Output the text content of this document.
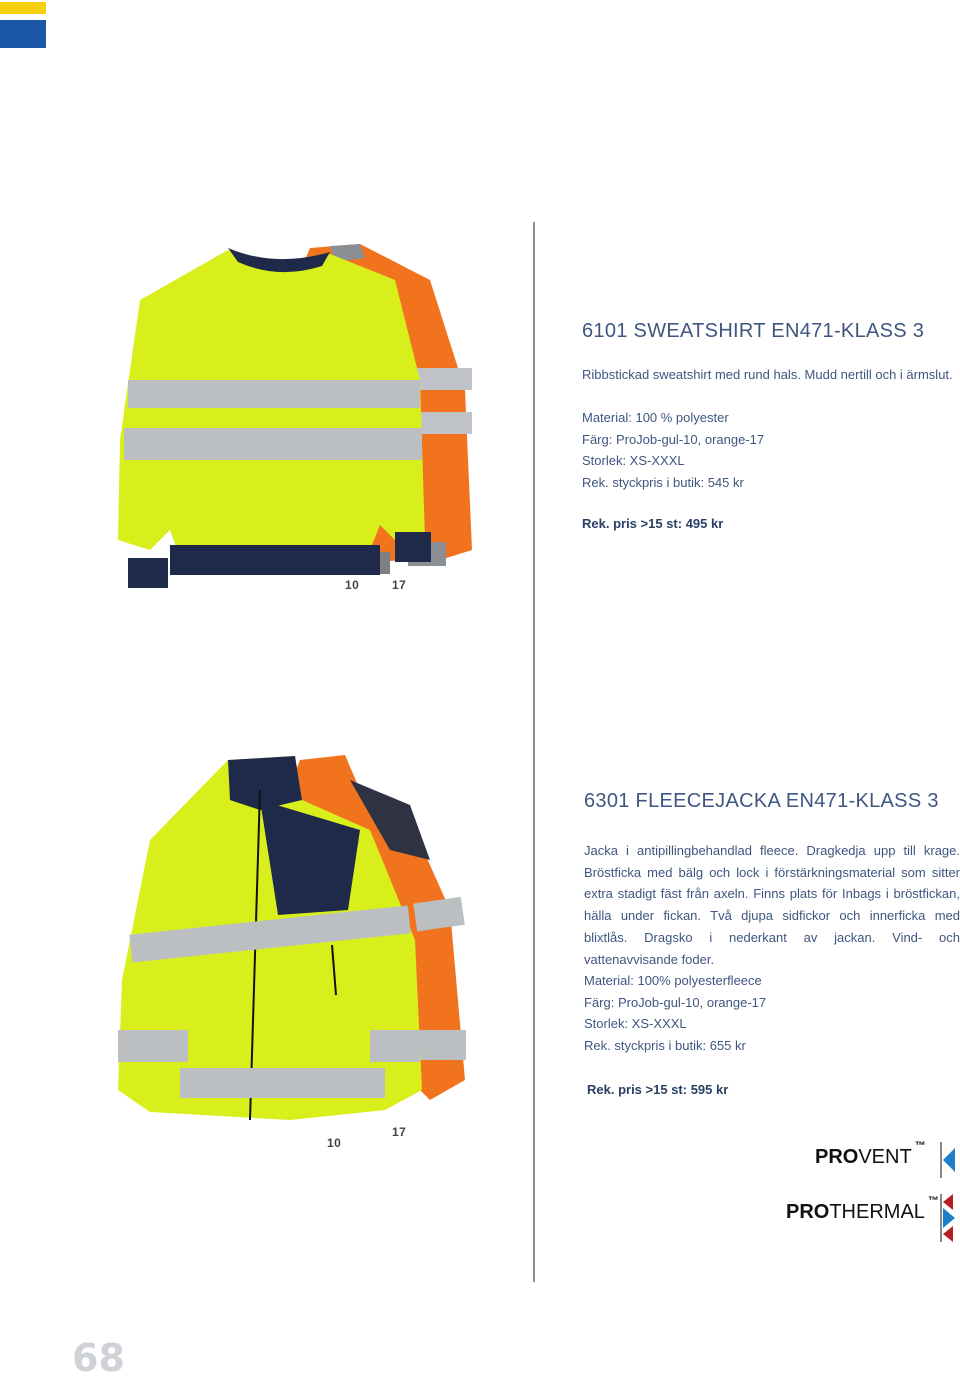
10	17
6101 SWEATSHIRT EN471-KLASS 3
Ribbstickad sweatshirt med rund hals. Mudd nertill och i ärmslut.
Material: 100 % polyester
Färg: ProJob-gul-10, orange-17
Storlek: XS-XXXL
Rek. styckpris i butik: 545 kr
Rek. pris >15 st: 495 kr
10
17
6301 FLEECEJACKA EN471-KLASS 3
Jacka i antipillingbehandlad fleece. Dragkedja upp till krage. Bröstficka med bälg och lock i förstärkningsmaterial som sitter extra stadigt fäst från axeln. Finns plats för Inbags i bröstfickan, hälla under fickan. Två djupa sidfickor och innerficka med blixtlås. Dragsko i nederkant av jackan. Vind- och vattenavvisande foder.
Material: 100% polyesterfleece
Färg: ProJob-gul-10, orange-17
Storlek: XS-XXXL
Rek. styckpris i butik: 655 kr
Rek. pris >15 st: 595 kr
PROVENT ™
PROTHERMAL ™
68
